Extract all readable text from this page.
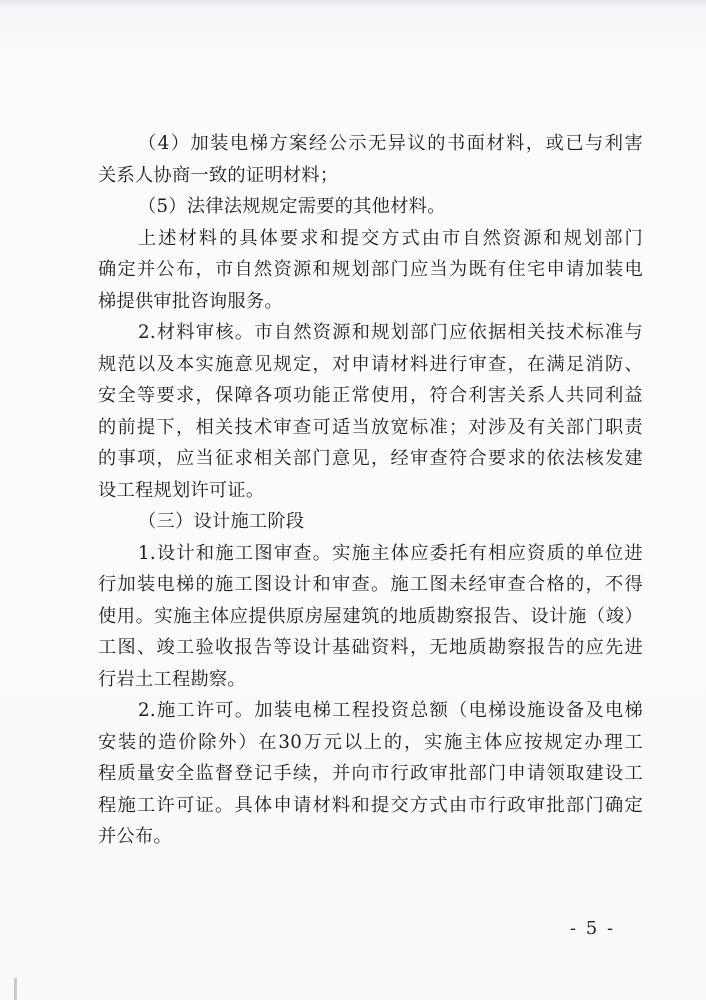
（4）加装电梯方案经公示无异议的书面材料，或已与利害
关系人协商一致的证明材料；
（5）法律法规规定需要的其他材料。
上述材料的具体要求和提交方式由市自然资源和规划部门
确定并公布，市自然资源和规划部门应当为既有住宅申请加装电
梯提供审批咨询服务。
2.材料审核。市自然资源和规划部门应依据相关技术标准与
规范以及本实施意见规定，对申请材料进行审查，在满足消防、
安全等要求，保障各项功能正常使用，符合利害关系人共同利益
的前提下，相关技术审查可适当放宽标准；对涉及有关部门职责
的事项，应当征求相关部门意见，经审查符合要求的依法核发建
设工程规划许可证。
（三）设计施工阶段
1.设计和施工图审查。实施主体应委托有相应资质的单位进
行加装电梯的施工图设计和审查。施工图未经审查合格的，不得
使用。实施主体应提供原房屋建筑的地质勘察报告、设计施（竣）
工图、竣工验收报告等设计基础资料，无地质勘察报告的应先进
行岩土工程勘察。
2.施工许可。加装电梯工程投资总额（电梯设施设备及电梯
安装的造价除外）在30万元以上的，实施主体应按规定办理工
程质量安全监督登记手续，并向市行政审批部门申请领取建设工
程施工许可证。具体申请材料和提交方式由市行政审批部门确定
并公布。
- 5 -
